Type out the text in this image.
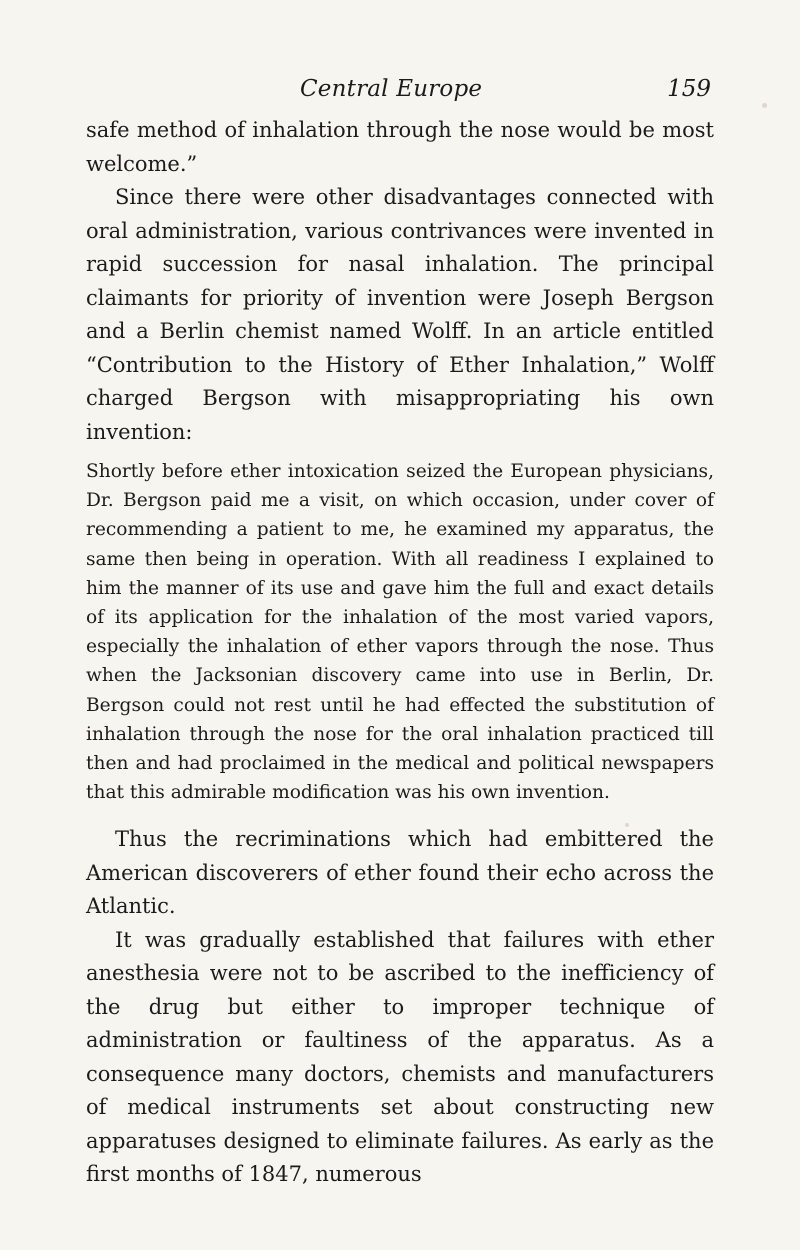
Central Europe	159

safe method of inhalation through the nose would be most welcome.”

Since there were other disadvantages connected with oral administration, various contrivances were invented in rapid succession for nasal inhalation. The principal claimants for priority of invention were Joseph Bergson and a Berlin chemist named Wolff. In an article entitled “Contribution to the History of Ether Inhalation,” Wolff charged Bergson with misappropriating his own invention:

Shortly before ether intoxication seized the European physicians, Dr. Bergson paid me a visit, on which occasion, under cover of recommending a patient to me, he examined my apparatus, the same then being in operation. With all readiness I explained to him the manner of its use and gave him the full and exact details of its application for the inhalation of the most varied vapors, especially the inhalation of ether vapors through the nose. Thus when the Jacksonian discovery came into use in Berlin, Dr. Bergson could not rest until he had effected the substitution of inhalation through the nose for the oral inhalation practiced till then and had proclaimed in the medical and political newspapers that this admirable modification was his own invention.

Thus the recriminations which had embittered the American discoverers of ether found their echo across the Atlantic.

It was gradually established that failures with ether anesthesia were not to be ascribed to the inefficiency of the drug but either to improper technique of administration or faultiness of the apparatus. As a consequence many doctors, chemists and manufacturers of medical instruments set about constructing new apparatuses designed to eliminate failures. As early as the first months of 1847, numerous
